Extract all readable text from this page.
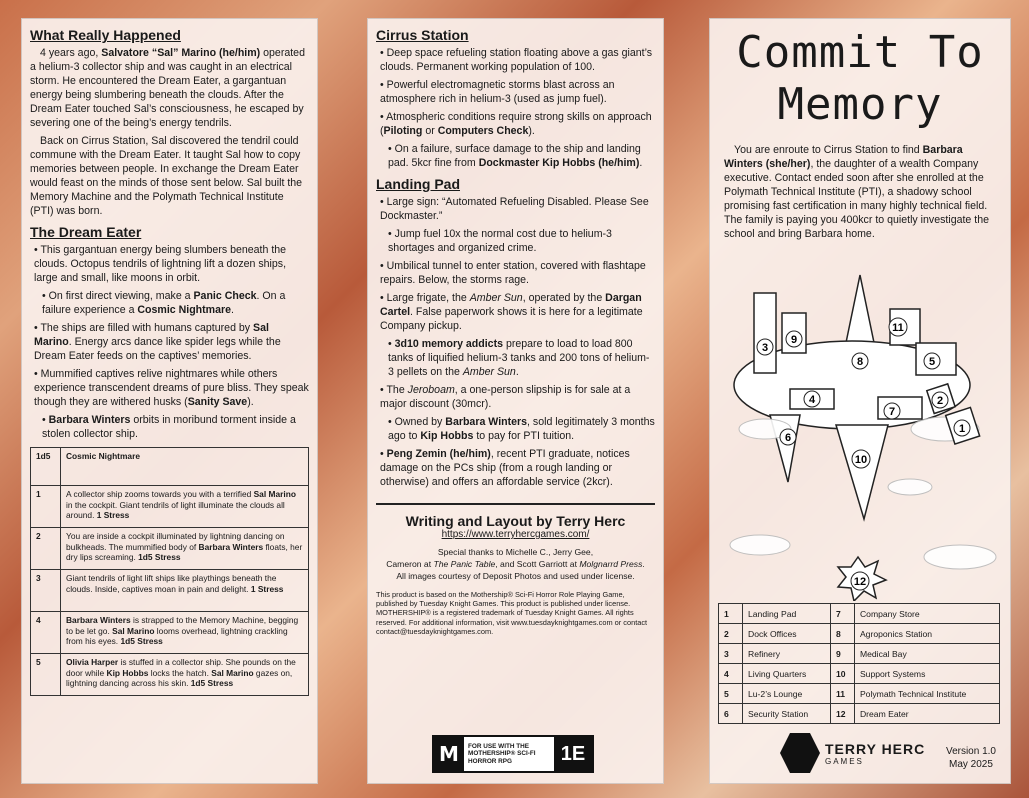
What Really Happened

4 years ago, Salvatore “Sal” Marino (he/him) operated a helium-3 collector ship and was caught in an electrical storm. He encountered the Dream Eater, a gargantuan energy being slumbering beneath the clouds. After the Dream Eater touched Sal’s consciousness, he escaped by severing one of the being’s energy tendrils.

Back on Cirrus Station, Sal discovered the tendril could commune with the Dream Eater. It taught Sal how to copy memories between people. In exchange the Dream Eater would feast on the minds of those sent below. Sal built the Memory Machine and the Polymath Technical Institute (PTI) was born.

The Dream Eater

• This gargantuan energy being slumbers beneath the clouds. Octopus tendrils of lightning lift a dozen ships, large and small, like moons in orbit.

• On first direct viewing, make a Panic Check. On a failure experience a Cosmic Nightmare.

• The ships are filled with humans captured by Sal Marino. Energy arcs dance like spider legs while the Dream Eater feeds on the captives’ memories.

• Mummified captives relive nightmares while others experience transcendent dreams of pure bliss. They speak though they are withered husks (Sanity Save).

• Barbara Winters orbits in moribund torment inside a stolen collector ship.

1d5	Cosmic Nightmare
1	A collector ship zooms towards you with a terrified Sal Marino in the cockpit. Giant tendrils of light illuminate the clouds all around. 1 Stress
2	You are inside a cockpit illuminated by lightning dancing on bulkheads. The mummified body of Barbara Winters floats, her dry lips screaming. 1d5 Stress
3	Giant tendrils of light lift ships like playthings beneath the clouds. Inside, captives moan in pain and delight. 1 Stress
4	Barbara Winters is strapped to the Memory Machine, begging to be let go. Sal Marino looms overhead, lightning crackling from his eyes. 1d5 Stress
5	Olivia Harper is stuffed in a collector ship. She pounds on the door while Kip Hobbs locks the hatch. Sal Marino gazes on, lightning dancing across his skin. 1d5 Stress
Cirrus Station

• Deep space refueling station floating above a gas giant’s clouds. Permanent working population of 100.

• Powerful electromagnetic storms blast across an atmosphere rich in helium-3 (used as jump fuel).

• Atmospheric conditions require strong skills on approach (Piloting or Computers Check).

• On a failure, surface damage to the ship and landing pad. 5kcr fine from Dockmaster Kip Hobbs (he/him).

Landing Pad

• Large sign: “Automated Refueling Disabled. Please See Dockmaster.”

• Jump fuel 10x the normal cost due to helium-3 shortages and organized crime.

• Umbilical tunnel to enter station, covered with flashtape repairs. Below, the storms rage.

• Large frigate, the Amber Sun, operated by the Dargan Cartel. False paperwork shows it is here for a legitimate Company pickup.

• 3d10 memory addicts prepare to load to load 800 tanks of liquified helium-3 tanks and 200 tons of helium-3 pellets on the Amber Sun.

• The Jeroboam, a one-person slipship is for sale at a major discount (30mcr).

• Owned by Barbara Winters, sold legitimately 3 months ago to Kip Hobbs to pay for PTI tuition.

• Peng Zemin (he/him), recent PTI graduate, notices damage on the PCs ship (from a rough landing or otherwise) and offers an affordable service (2kcr).

Writing and Layout by Terry Herc
https://www.terryhercgames.com/
Special thanks to Michelle C., Jerry Gee,
Cameron at The Panic Table, and Scott Garriott at Molgnarrd Press.
All images courtesy of Deposit Photos and used under license.
This product is based on the Mothership® Sci-Fi Horror Role Playing Game, published by Tuesday Knight Games. This product is published under license. MOTHERSHIP® is a registered trademark of Tuesday Knight Games. All rights reserved. For additional information, visit www.tuesdayknightgames.com or contact contact@tuesdayknightgames.com.
M	FOR USE WITH THE MOTHERSHIP® SCI-FI HORROR RPG	1E
Commit To
Memory

You are enroute to Cirrus Station to find Barbara Winters (she/her), the daughter of a wealth Company executive. Contact ended soon after she enrolled at the Polymath Technical Institute (PTI), a shadowy school promising fast certification in many highly technical field. The family is paying you 400kcr to quietly investigate the school and bring Barbara home.

1
2
3
4
5
6
7
8
9
10
11
12
1	Landing Pad	7	Company Store
2	Dock Offices	8	Agroponics Station
3	Refinery	9	Medical Bay
4	Living Quarters	10	Support Systems
5	Lu-2’s Lounge	11	Polymath Technical Institute
6	Security Station	12	Dream Eater
TERRY HERC
GAMES
Version 1.0
May 2025
